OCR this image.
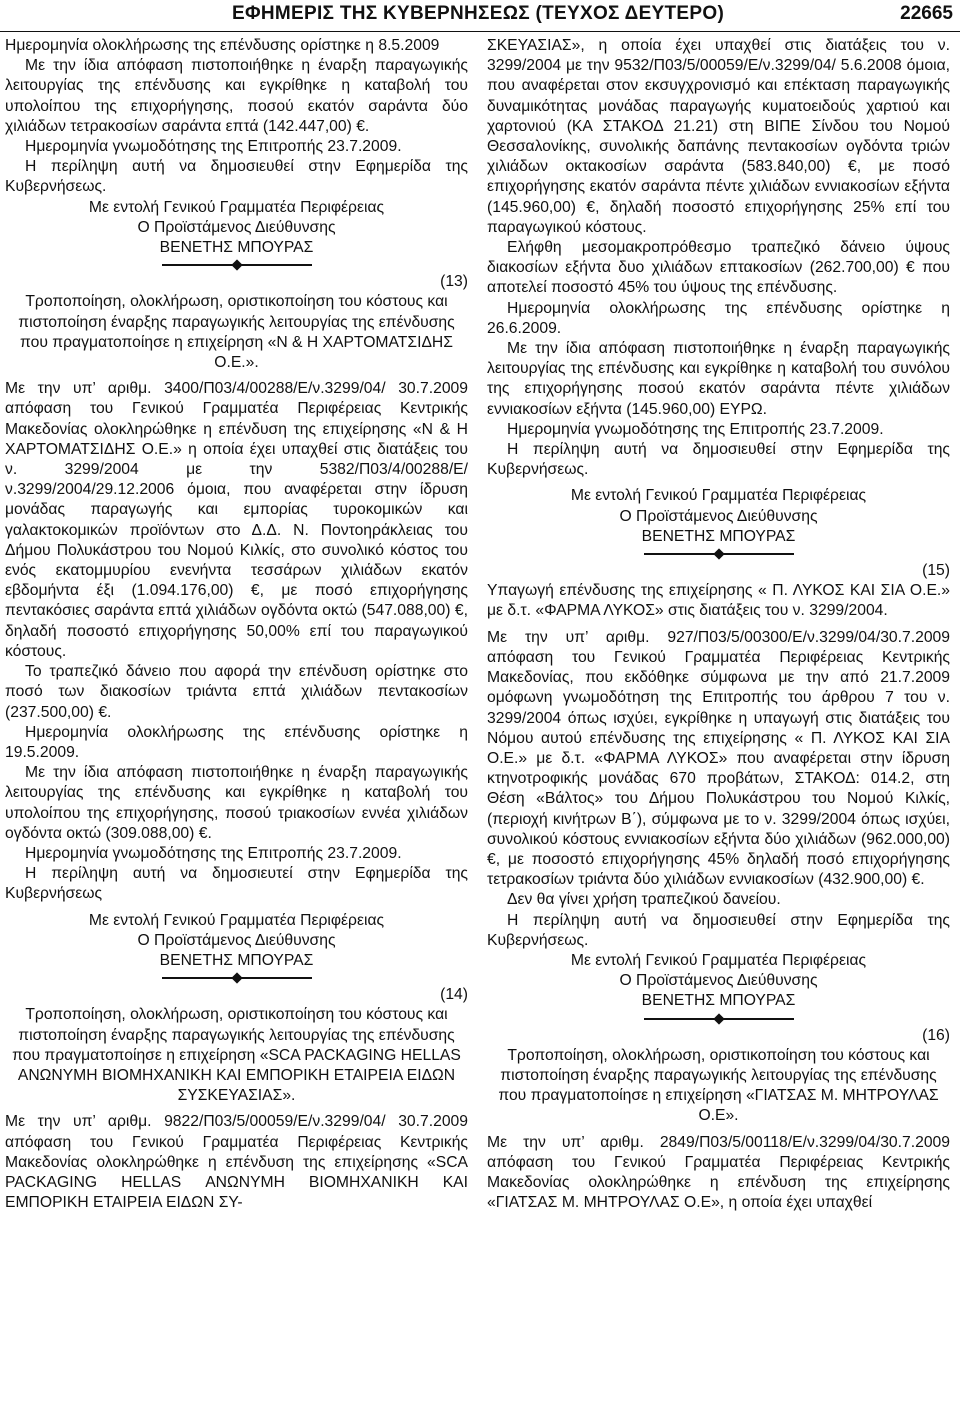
ΕΦΗΜΕΡΙΣ ΤΗΣ ΚΥΒΕΡΝΗΣΕΩΣ (ΤΕΥΧΟΣ ΔΕΥΤΕΡΟ)	22665

Ημερομηνία ολοκλήρωσης της επένδυσης ορίστηκε η 8.5.2009

Με την ίδια απόφαση πιστοποιήθηκε η έναρξη παραγωγικής λειτουργίας της επένδυσης και εγκρίθηκε η καταβολή του υπολοίπου της επιχορήγησης, ποσού εκατόν σαράντα δύο χιλιάδων τετρακοσίων σαράντα επτά (142.447,00) €.

Ημερομηνία γνωμοδότησης της Επιτροπής 23.7.2009.

Η περίληψη αυτή να δημοσιευθεί στην Εφημερίδα της Κυβερνήσεως.

Με εντολή Γενικού Γραμματέα Περιφέρειας

Ο Προϊστάμενος Διεύθυνσης

ΒΕΝΕΤΗΣ ΜΠΟΥΡΑΣ

(13)

Τροποποίηση, ολοκλήρωση, οριστικοποίηση του κόστους και πιστοποίηση έναρξης παραγωγικής λειτουργίας της επένδυσης που πραγματοποίησε η επιχείρηση «Ν & Η ΧΑΡΤΟΜΑΤΣΙΔΗΣ Ο.Ε.».

Με την υπ’ αριθμ. 3400/Π03/4/00288/Ε/ν.3299/04/ 30.7.2009 απόφαση του Γενικού Γραμματέα Περιφέρειας Κεντρικής Μακεδονίας ολοκληρώθηκε η επένδυση της επιχείρησης «Ν & Η ΧΑΡΤΟΜΑΤΣΙΔΗΣ Ο.Ε.» η οποία έχει υπαχθεί στις διατάξεις του ν. 3299/2004 με την 5382/Π03/4/00288/Ε/ ν.3299/2004/29.12.2006 όμοια, που αναφέρεται στην ίδρυση μονάδας παραγωγής και εμπορίας τυροκομικών και γαλακτοκομικών προϊόντων στο Δ.Δ. Ν. Ποντοηράκλειας του Δήμου Πολυκάστρου του Νομού Κιλκίς, στο συνολικό κόστος του ενός εκατομμυρίου ενενήντα τεσσάρων χιλιάδων εκατόν εβδομήντα έξι (1.094.176,00) €, με ποσό επιχορήγησης πεντακόσιες σαράντα επτά χιλιάδων ογδόντα οκτώ (547.088,00) €, δηλαδή ποσοστό επιχορήγησης 50,00% επί του παραγωγικού κόστους.

Το τραπεζικό δάνειο που αφορά την επένδυση ορίστηκε στο ποσό των διακοσίων τριάντα επτά χιλιάδων πεντακοσίων (237.500,00) €.

Ημερομηνία ολοκλήρωσης της επένδυσης ορίστηκε η 19.5.2009.

Με την ίδια απόφαση πιστοποιήθηκε η έναρξη παραγωγικής λειτουργίας της επένδυσης και εγκρίθηκε η καταβολή του υπολοίπου της επιχορήγησης, ποσού τριακοσίων εννέα χιλιάδων ογδόντα οκτώ (309.088,00) €.

Ημερομηνία γνωμοδότησης της Επιτροπής 23.7.2009.

Η περίληψη αυτή να δημοσιευτεί στην Εφημερίδα της Κυβερνήσεως

Με εντολή Γενικού Γραμματέα Περιφέρειας

Ο Προϊστάμενος Διεύθυνσης

ΒΕΝΕΤΗΣ ΜΠΟΥΡΑΣ

(14)

Τροποποίηση, ολοκλήρωση, οριστικοποίηση του κόστους και πιστοποίηση έναρξης παραγωγικής λειτουργίας της επένδυσης που πραγματοποίησε η επιχείρηση «SCA PACKAGING HELLAS ΑΝΩΝΥΜΗ ΒΙΟΜΗΧΑΝΙΚΗ ΚΑΙ ΕΜΠΟΡΙΚΗ ΕΤΑΙΡΕΙΑ ΕΙΔΩΝ ΣΥΣΚΕΥΑΣΙΑΣ».

Με την υπ’ αριθμ. 9822/Π03/5/00059/Ε/ν.3299/04/ 30.7.2009 απόφαση του Γενικού Γραμματέα Περιφέρειας Κεντρικής Μακεδονίας ολοκληρώθηκε η επένδυση της επιχείρησης «SCA PACKAGING HELLAS ΑΝΩΝΥΜΗ ΒΙΟΜΗΧΑΝΙΚΗ ΚΑΙ ΕΜΠΟΡΙΚΗ ΕΤΑΙΡΕΙΑ ΕΙΔΩΝ ΣΥ-

ΣΚΕΥΑΣΙΑΣ», η οποία έχει υπαχθεί στις διατάξεις του ν. 3299/2004 με την 9532/Π03/5/00059/Ε/ν.3299/04/ 5.6.2008 όμοια, που αναφέρεται στον εκσυγχρονισμό και επέκταση παραγωγικής δυναμικότητας μονάδας παραγωγής κυματοειδούς χαρτιού και χαρτονιού (ΚΑ ΣΤΑΚΟΔ 21.21) στη ΒΙΠΕ Σίνδου του Νομού Θεσσαλονίκης, συνολικής δαπάνης πεντακοσίων ογδόντα τριών χιλιάδων οκτακοσίων σαράντα (583.840,00) €, με ποσό επιχορήγησης εκατόν σαράντα πέντε χιλιάδων εννιακοσίων εξήντα (145.960,00) €, δηλαδή ποσοστό επιχορήγησης 25% επί του παραγωγικού κόστους.

Ελήφθη μεσομακροπρόθεσμο τραπεζικό δάνειο ύψους διακοσίων εξήντα δυο χιλιάδων επτακοσίων (262.700,00) € που αποτελεί ποσοστό 45% του ύψους της επένδυσης.

Ημερομηνία ολοκλήρωσης της επένδυσης ορίστηκε η 26.6.2009.

Με την ίδια απόφαση πιστοποιήθηκε η έναρξη παραγωγικής λειτουργίας της επένδυσης και εγκρίθηκε η καταβολή του συνόλου της επιχορήγησης ποσού εκατόν σαράντα πέντε χιλιάδων εννιακοσίων εξήντα (145.960,00) ΕΥΡΩ.

Ημερομηνία γνωμοδότησης της Επιτροπής 23.7.2009.

Η περίληψη αυτή να δημοσιευθεί στην Εφημερίδα της Κυβερνήσεως.

Με εντολή Γενικού Γραμματέα Περιφέρειας

Ο Προϊστάμενος Διεύθυνσης

ΒΕΝΕΤΗΣ ΜΠΟΥΡΑΣ

(15)

Υπαγωγή επένδυσης της επιχείρησης « Π. ΛΥΚΟΣ ΚΑΙ ΣΙΑ Ο.Ε.» με δ.τ. «ΦΑΡΜΑ ΛΥΚΟΣ» στις διατάξεις του ν. 3299/2004.

Με την υπ’ αριθμ. 927/Π03/5/00300/Ε/ν.3299/04/30.7.2009 απόφαση του Γενικού Γραμματέα Περιφέρειας Κεντρικής Μακεδονίας, που εκδόθηκε σύμφωνα με την από 21.7.2009 ομόφωνη γνωμοδότηση της Επιτροπής του άρθρου 7 του ν. 3299/2004 όπως ισχύει, εγκρίθηκε η υπαγωγή στις διατάξεις του Νόμου αυτού επένδυσης της επιχείρησης « Π. ΛΥΚΟΣ ΚΑΙ ΣΙΑ Ο.Ε.» με δ.τ. «ΦΑΡΜΑ ΛΥΚΟΣ» που αναφέρεται στην ίδρυση κτηνοτροφικής μονάδας 670 προβάτων, ΣΤΑΚΟΔ: 014.2, στη Θέση «Βάλτος» του Δήμου Πολυκάστρου του Νομού Κιλκίς, (περιοχή κινήτρων Β΄), σύμφωνα με το ν. 3299/2004 όπως ισχύει, συνολικού κόστους εννιακοσίων εξήντα δύο χιλιάδων (962.000,00) €, με ποσοστό επιχορήγησης 45% δηλαδή ποσό επιχορήγησης τετρακοσίων τριάντα δύο χιλιάδων εννιακοσίων (432.900,00) €.

Δεν θα γίνει χρήση τραπεζικού δανείου.

Η περίληψη αυτή να δημοσιευθεί στην Εφημερίδα της Κυβερνήσεως.

Με εντολή Γενικού Γραμματέα Περιφέρειας

Ο Προϊστάμενος Διεύθυνσης

ΒΕΝΕΤΗΣ ΜΠΟΥΡΑΣ

(16)

Τροποποίηση, ολοκλήρωση, οριστικοποίηση του κόστους και πιστοποίηση έναρξης παραγωγικής λειτουργίας της επένδυσης που πραγματοποίησε η επιχείρηση «ΓΙΑΤΣΑΣ Μ. ΜΗΤΡΟΥΛΑΣ Ο.Ε».

Με την υπ’ αριθμ. 2849/Π03/5/00118/Ε/ν.3299/04/30.7.2009 απόφαση του Γενικού Γραμματέα Περιφέρειας Κεντρικής Μακεδονίας ολοκληρώθηκε η επένδυση της επιχείρησης «ΓΙΑΤΣΑΣ Μ. ΜΗΤΡΟΥΛΑΣ Ο.Ε», η οποία έχει υπαχθεί
